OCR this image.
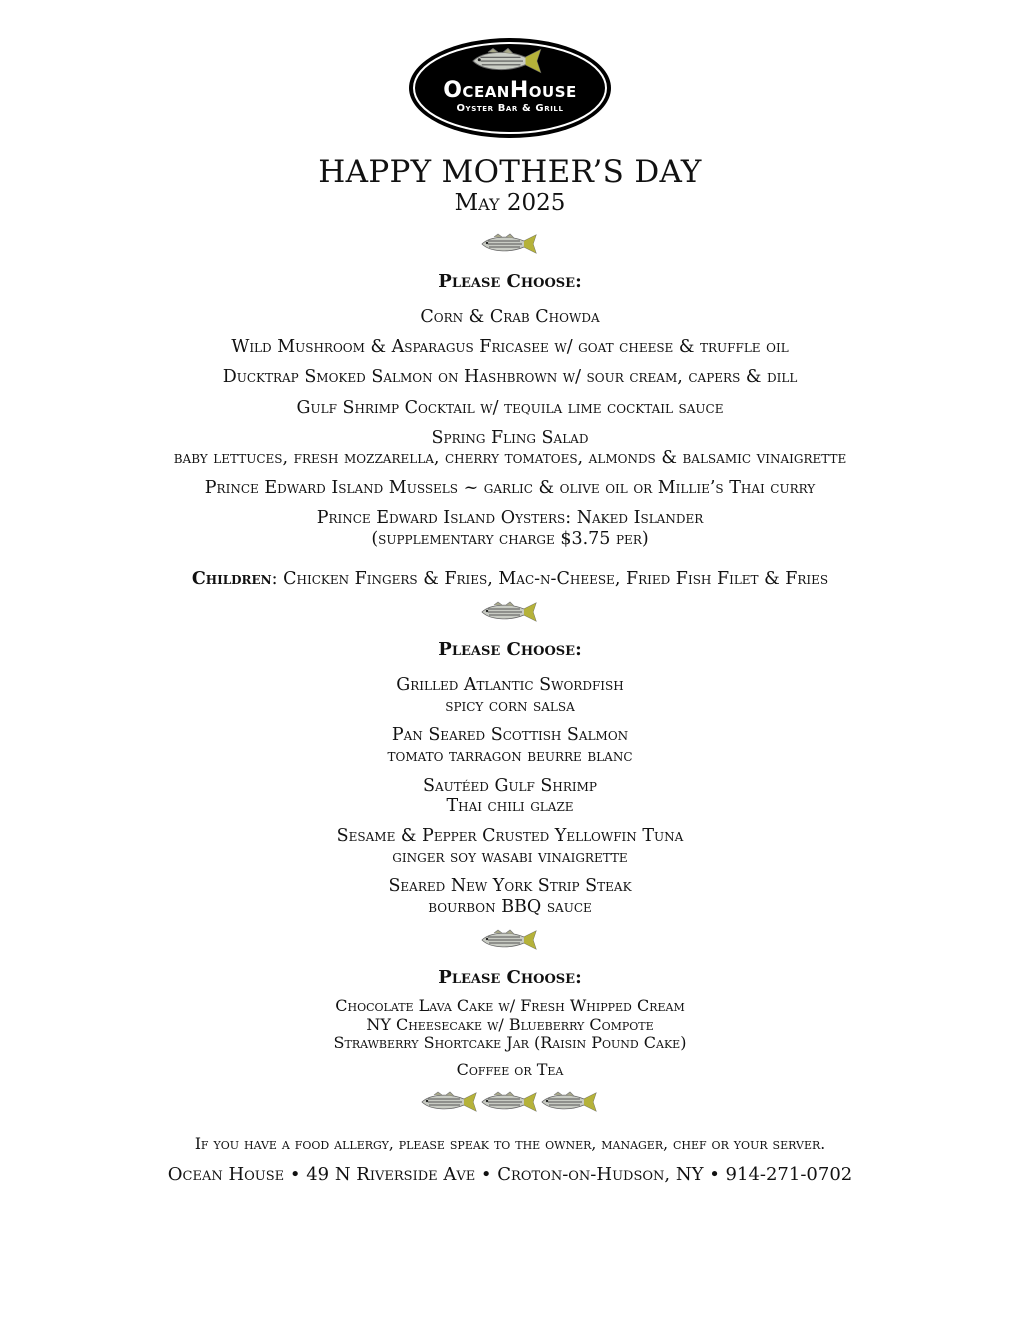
OceanHouse
Oyster Bar & Grill
HAPPY MOTHER’S DAY
May 2025
Please Choose:
Corn & Crab Chowda
Wild Mushroom & Asparagus Fricasee w/ goat cheese & truffle oil
Ducktrap Smoked Salmon on Hashbrown w/ sour cream, capers & dill
Gulf Shrimp Cocktail w/ tequila lime cocktail sauce
Spring Fling Salad
baby lettuces, fresh mozzarella, cherry tomatoes, almonds & balsamic vinaigrette
Prince Edward Island Mussels ~ garlic & olive oil or Millie’s Thai curry
Prince Edward Island Oysters: Naked Islander
(supplementary charge $3.75 per)
Children: Chicken Fingers & Fries, Mac-n-Cheese, Fried Fish Filet & Fries
Please Choose:
Grilled Atlantic Swordfish
spicy corn salsa
Pan Seared Scottish Salmon
tomato tarragon beurre blanc
Sautéed Gulf Shrimp
Thai chili glaze
Sesame & Pepper Crusted Yellowfin Tuna
ginger soy wasabi vinaigrette
Seared New York Strip Steak
bourbon BBQ sauce
Please Choose:
Chocolate Lava Cake w/ Fresh Whipped Cream
NY Cheesecake w/ Blueberry Compote
Strawberry Shortcake Jar (Raisin Pound Cake)
Coffee or Tea
If you have a food allergy, please speak to the owner, manager, chef or your server.
Ocean House • 49 N Riverside Ave • Croton-on-Hudson, NY • 914-271-0702
